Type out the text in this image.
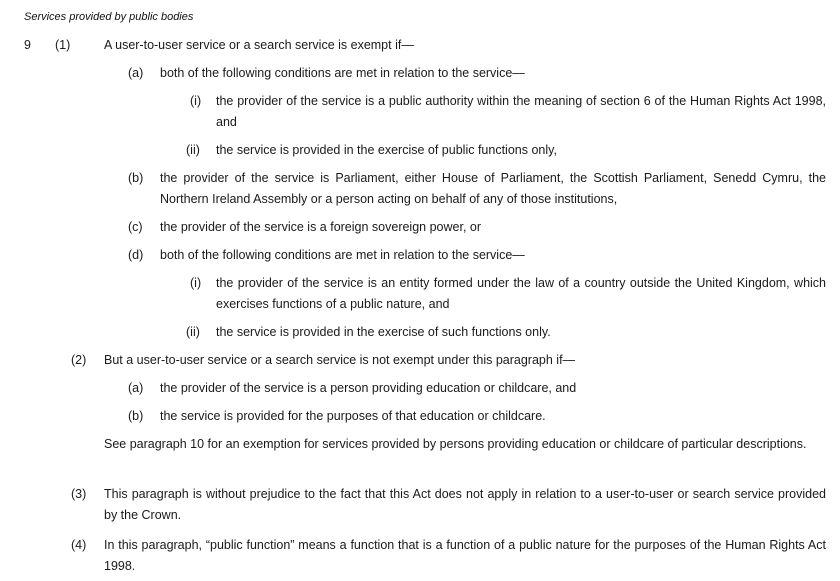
Services provided by public bodies
9 (1)	A user-to-user service or a search service is exempt if—
(a) both of the following conditions are met in relation to the service—
(i) the provider of the service is a public authority within the meaning of section 6 of the Human Rights Act 1998, and
(ii) the service is provided in the exercise of public functions only,
(b) the provider of the service is Parliament, either House of Parliament, the Scottish Parliament, Senedd Cymru, the Northern Ireland Assembly or a person acting on behalf of any of those institutions,
(c) the provider of the service is a foreign sovereign power, or
(d) both of the following conditions are met in relation to the service—
(i) the provider of the service is an entity formed under the law of a country outside the United Kingdom, which exercises functions of a public nature, and
(ii) the service is provided in the exercise of such functions only.
(2) But a user-to-user service or a search service is not exempt under this paragraph if—
(a) the provider of the service is a person providing education or childcare, and
(b) the service is provided for the purposes of that education or childcare.
See paragraph 10 for an exemption for services provided by persons providing education or childcare of particular descriptions.
(3) This paragraph is without prejudice to the fact that this Act does not apply in relation to a user-to-user or search service provided by the Crown.
(4) In this paragraph, “public function” means a function that is a function of a public nature for the purposes of the Human Rights Act 1998.
